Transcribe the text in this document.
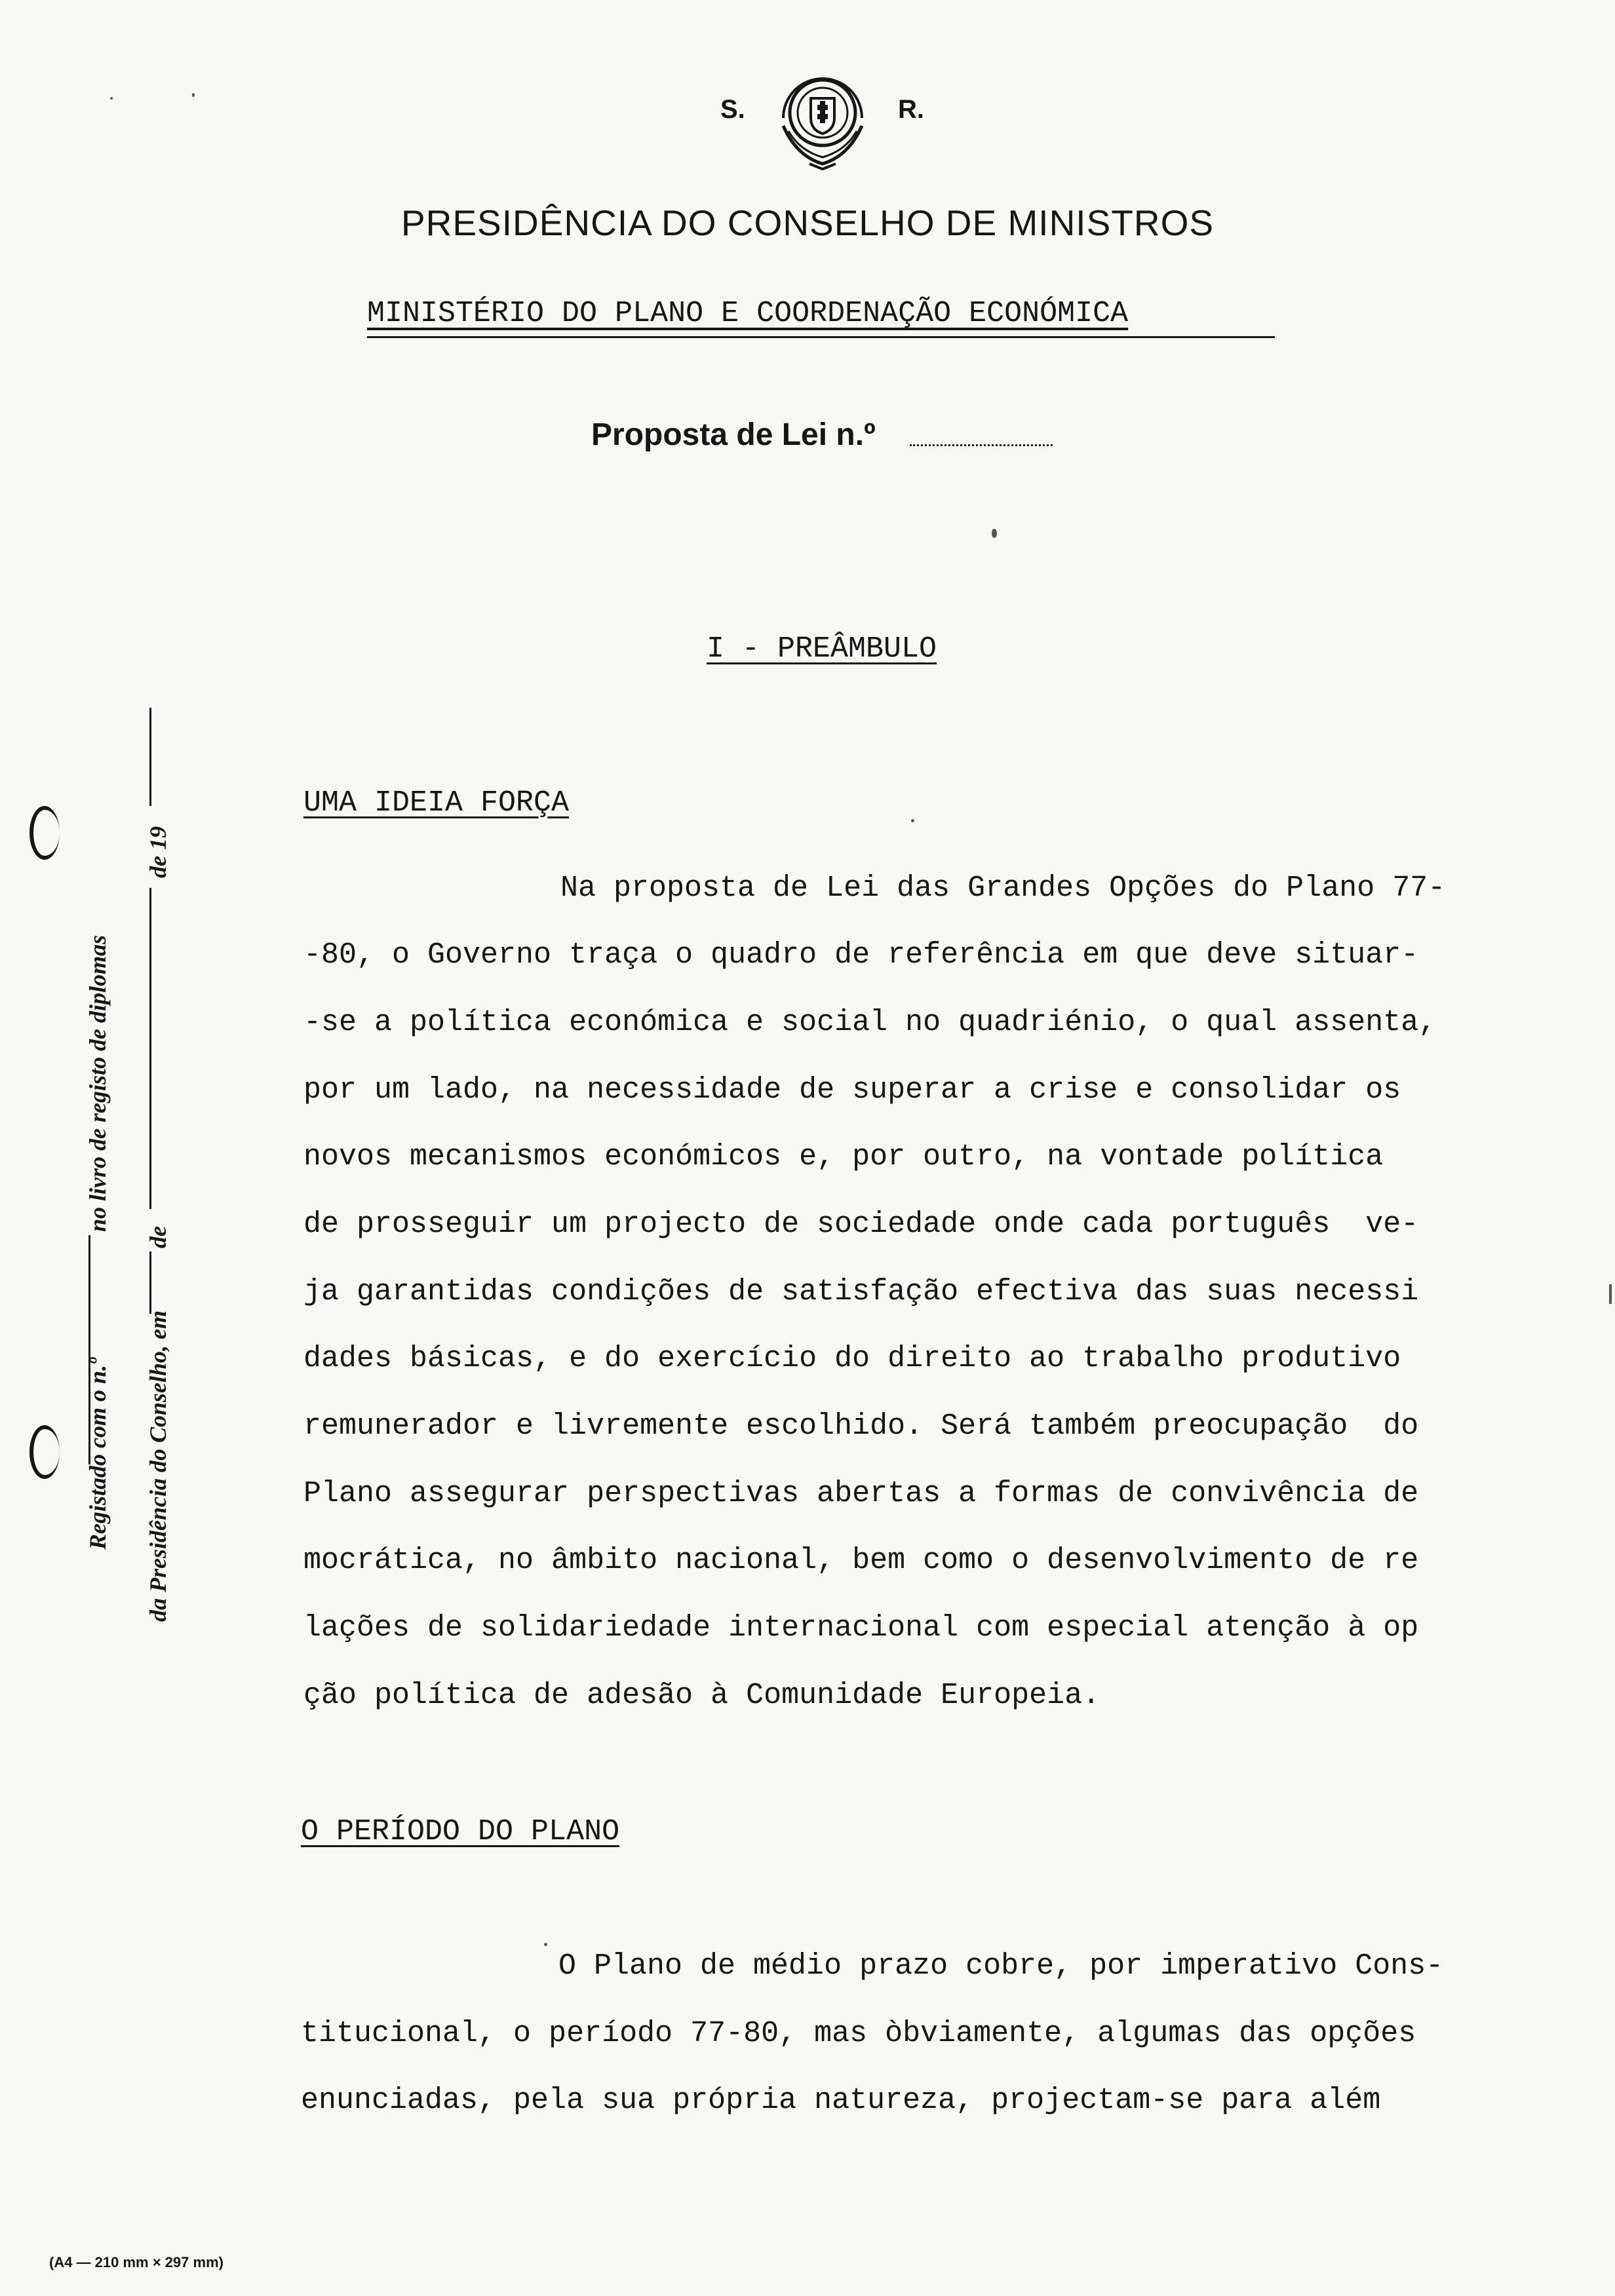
S.	R.
PRESIDÊNCIA DO CONSELHO DE MINISTROS
MINISTÉRIO DO PLANO E COORDENAÇÃO ECONÓMICA
Proposta de Lei n.º
I - PREÂMBULO
UMA IDEIA FORÇA
Na proposta de Lei das Grandes Opções do Plano 77-
-80, o Governo traça o quadro de referência em que deve situar-
-se a política económica e social no quadriénio, o qual assenta,
por um lado, na necessidade de superar a crise e consolidar os
novos mecanismos económicos e, por outro, na vontade política
de prosseguir um projecto de sociedade onde cada português  ve-
ja garantidas condições de satisfação efectiva das suas necessi
dades básicas, e do exercício do direito ao trabalho produtivo
remunerador e livremente escolhido. Será também preocupação  do
Plano assegurar perspectivas abertas a formas de convivência de
mocrática, no âmbito nacional, bem como o desenvolvimento de re
lações de solidariedade internacional com especial atenção à op
ção política de adesão à Comunidade Europeia.
O PERÍODO DO PLANO
O Plano de médio prazo cobre, por imperativo Cons-
titucional, o período 77-80, mas òbviamente, algumas das opções
enunciadas, pela sua própria natureza, projectam-se para além
Registado com o n.º
no livro de registo de diplomas
da Presidência do Conselho, em
de
de 19
(A4 — 210 mm × 297 mm)
